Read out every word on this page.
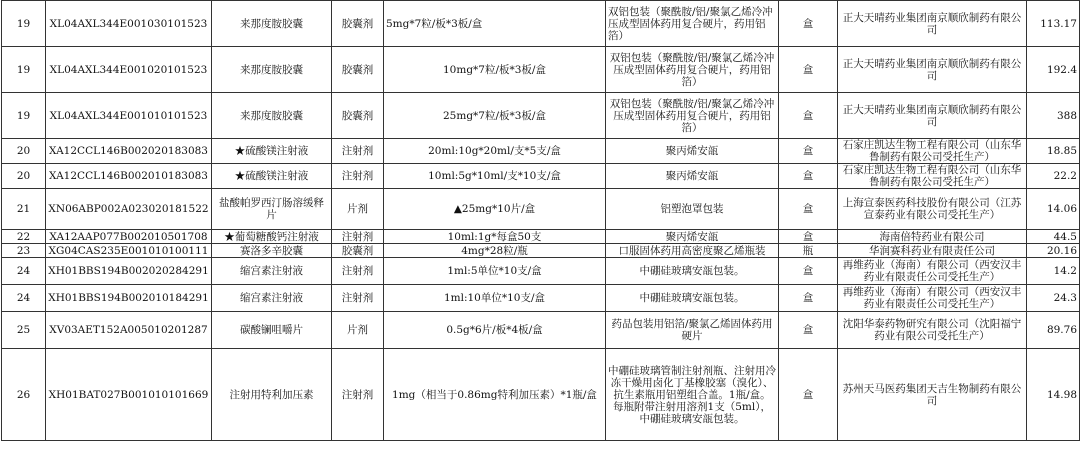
19	XL04AXL344E001030101523	来那度胺胶囊	胶囊剂	5mg*7粒/板*3板/盒	双铝包装（聚酰胺/铝/聚氯乙烯冷冲压成型固体药用复合硬片，药用铝箔）	盒	正大天晴药业集团南京顺欣制药有限公司	113.17
19	XL04AXL344E001020101523	来那度胺胶囊	胶囊剂	10mg*7粒/板*3板/盒	双铝包装（聚酰胺/铝/聚氯乙烯冷冲压成型固体药用复合硬片，药用铝箔）	盒	正大天晴药业集团南京顺欣制药有限公司	192.4
19	XL04AXL344E001010101523	来那度胺胶囊	胶囊剂	25mg*7粒/板*3板/盒	双铝包装（聚酰胺/铝/聚氯乙烯冷冲压成型固体药用复合硬片，药用铝箔）	盒	正大天晴药业集团南京顺欣制药有限公司	388
20	XA12CCL146B002020183083	★硫酸镁注射液	注射剂	20ml:10g*20ml/支*5支/盒	聚丙烯安瓿	盒	石家庄凯达生物工程有限公司（山东华鲁制药有限公司受托生产）	18.85
20	XA12CCL146B002010183083	★硫酸镁注射液	注射剂	10ml:5g*10ml/支*10支/盒	聚丙烯安瓿	盒	石家庄凯达生物工程有限公司（山东华鲁制药有限公司受托生产）	22.2
21	XN06ABP002A023020181522	盐酸帕罗西汀肠溶缓释片	片剂	▲25mg*10片/盒	铝塑泡罩包装	盒	上海宣泰医药科技股份有限公司（江苏宣泰药业有限公司受托生产）	14.06
22	XA12AAP077B002010501708	★葡萄糖酸钙注射液	注射剂	10ml:1g*每盒50支	聚丙烯安瓿	盒	海南倍特药业有限公司	44.5
23	XG04CAS235E001010100111	赛洛多辛胶囊	胶囊剂	4mg*28粒/瓶	口服固体药用高密度聚乙烯瓶装	瓶	华润赛科药业有限责任公司	20.16
24	XH01BBS194B002020284291	缩宫素注射液	注射剂	1ml:5单位*10支/盒	中硼硅玻璃安瓿包装。	盒	再维药业（海南）有限公司（西安汉丰药业有限责任公司受托生产）	14.2
24	XH01BBS194B002010184291	缩宫素注射液	注射剂	1ml:10单位*10支/盒	中硼硅玻璃安瓿包装。	盒	再维药业（海南）有限公司（西安汉丰药业有限责任公司受托生产）	24.3
25	XV03AET152A005010201287	碳酸镧咀嚼片	片剂	0.5g*6片/板*4板/盒	药品包装用铝箔/聚氯乙烯固体药用硬片	盒	沈阳华泰药物研究有限公司（沈阳福宁药业有限公司受托生产）	89.76
26	XH01BAT027B001010101669	注射用特利加压素	注射剂	1mg（相当于0.86mg特利加压素）*1瓶/盒	中硼硅玻璃管制注射剂瓶、注射用冷冻干燥用卤化丁基橡胶塞（溴化）、抗生素瓶用铝塑组合盖。1瓶/盒。 每瓶附带注射用溶剂1支（5ml），中硼硅玻璃安瓿包装。	盒	苏州天马医药集团天吉生物制药有限公司	14.98
